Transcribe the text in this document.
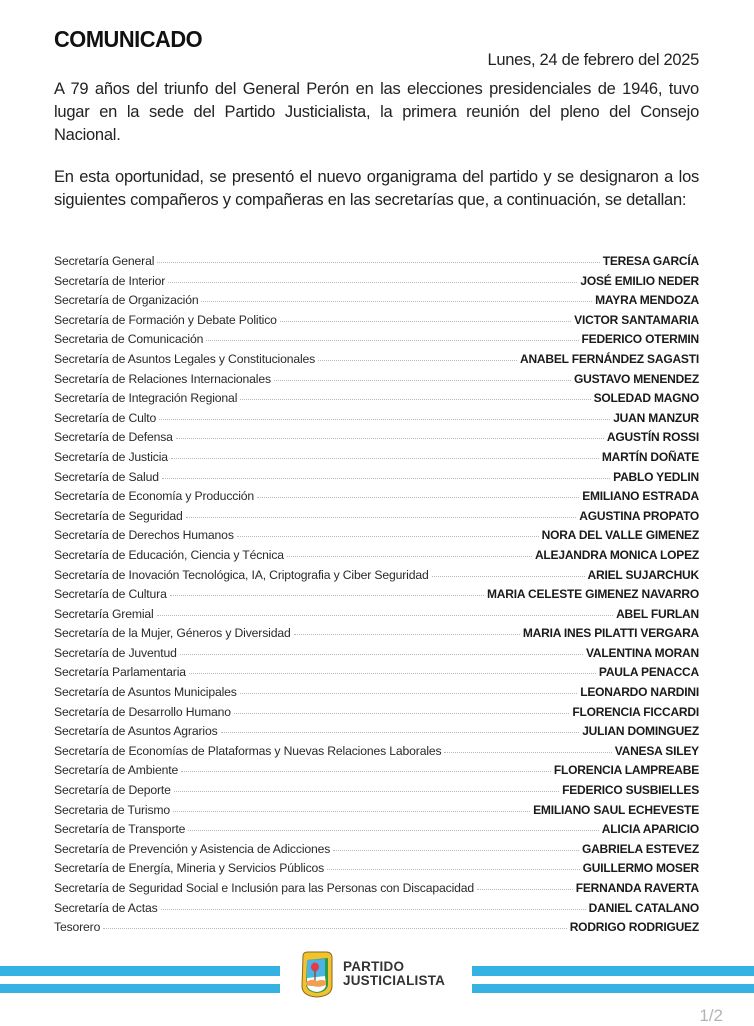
COMUNICADO
Lunes, 24 de febrero del 2025

A 79 años del triunfo del General Perón en las elecciones presidenciales de 1946, tuvo lugar en la sede del Partido Justicialista, la primera reunión del pleno del Consejo Nacional.

En esta oportunidad, se presentó el nuevo organigrama del partido y se designaron a los siguientes compañeros y compañeras en las secretarías que, a continuación, se detallan:

Secretaría General	TERESA GARCÍA
Secretaría de Interior	JOSÉ EMILIO NEDER
Secretaría de Organización	MAYRA MENDOZA
Secretaría de Formación y Debate Politico	VICTOR SANTAMARIA
Secretaria de Comunicación	FEDERICO OTERMIN
Secretaría de Asuntos Legales y Constitucionales	ANABEL FERNÁNDEZ SAGASTI
Secretaría de Relaciones Internacionales	GUSTAVO MENENDEZ
Secretaría de Integración Regional	SOLEDAD MAGNO
Secretaría de Culto	JUAN MANZUR
Secretaría de Defensa	AGUSTÍN ROSSI
Secretaría de Justicia	MARTÍN DOÑATE
Secretaría de Salud	PABLO YEDLIN
Secretaría de Economía y Producción	EMILIANO ESTRADA
Secretaría de Seguridad	AGUSTINA PROPATO
Secretaría de Derechos Humanos	NORA DEL VALLE GIMENEZ
Secretaría de Educación, Ciencia y Técnica	ALEJANDRA MONICA LOPEZ
Secretaría de Inovación Tecnológica, IA, Criptografia y Ciber Seguridad	ARIEL SUJARCHUK
Secretaría de Cultura	MARIA CELESTE GIMENEZ NAVARRO
Secretaría Gremial	ABEL FURLAN
Secretaría de la Mujer, Géneros y Diversidad	MARIA INES PILATTI VERGARA
Secretaría de Juventud	VALENTINA MORAN
Secretaría Parlamentaria	PAULA PENACCA
Secretaría de Asuntos Municipales	LEONARDO NARDINI
Secretaría de Desarrollo Humano	FLORENCIA FICCARDI
Secretaría de Asuntos Agrarios	JULIAN DOMINGUEZ
Secretaría de Economías de Plataformas y Nuevas Relaciones Laborales	VANESA SILEY
Secretaría de Ambiente	FLORENCIA LAMPREABE
Secretaría de Deporte	FEDERICO SUSBIELLES
Secretaria de Turismo	EMILIANO SAUL ECHEVESTE
Secretaría de Transporte	ALICIA APARICIO
Secretaría de Prevención y Asistencia de Adicciones	GABRIELA ESTEVEZ
Secretaría de Energía, Mineria y Servicios Públicos	GUILLERMO MOSER
Secretaría de Seguridad Social e Inclusión para las Personas con Discapacidad	FERNANDA RAVERTA
Secretaría de Actas	DANIEL CATALANO
Tesorero	RODRIGO RODRIGUEZ
PARTIDO
JUSTICIALISTA
1/2
